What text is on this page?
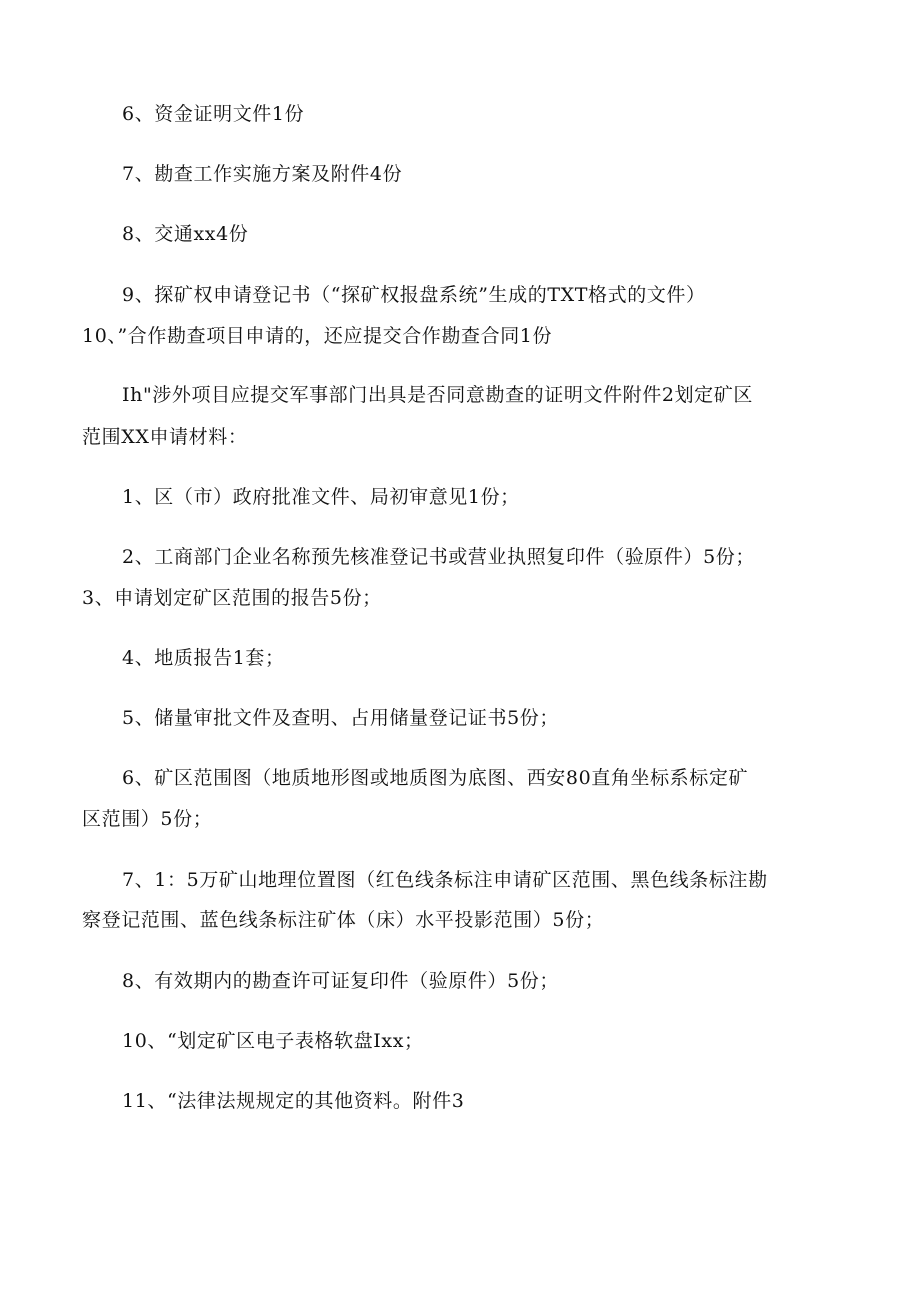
6、资金证明文件1份

7、勘查工作实施方案及附件4份

8、交通xx4份

9、探矿权申请登记书（“探矿权报盘系统”生成的TXT格式的文件）

10、”合作勘查项目申请的，还应提交合作勘查合同1份

Ih"涉外项目应提交军事部门出具是否同意勘查的证明文件附件2划定矿区

范围XX申请材料：

1、区（市）政府批准文件、局初审意见1份；

2、工商部门企业名称预先核准登记书或营业执照复印件（验原件）5份；

3、申请划定矿区范围的报告5份；

4、地质报告1套；

5、储量审批文件及查明、占用储量登记证书5份；

6、矿区范围图（地质地形图或地质图为底图、西安80直角坐标系标定矿

区范围）5份；

7、1：5万矿山地理位置图（红色线条标注申请矿区范围、黑色线条标注勘

察登记范围、蓝色线条标注矿体（床）水平投影范围）5份；

8、有效期内的勘查许可证复印件（验原件）5份；

10、“划定矿区电子表格软盘Ixx；

11、“法律法规规定的其他资料。附件3
